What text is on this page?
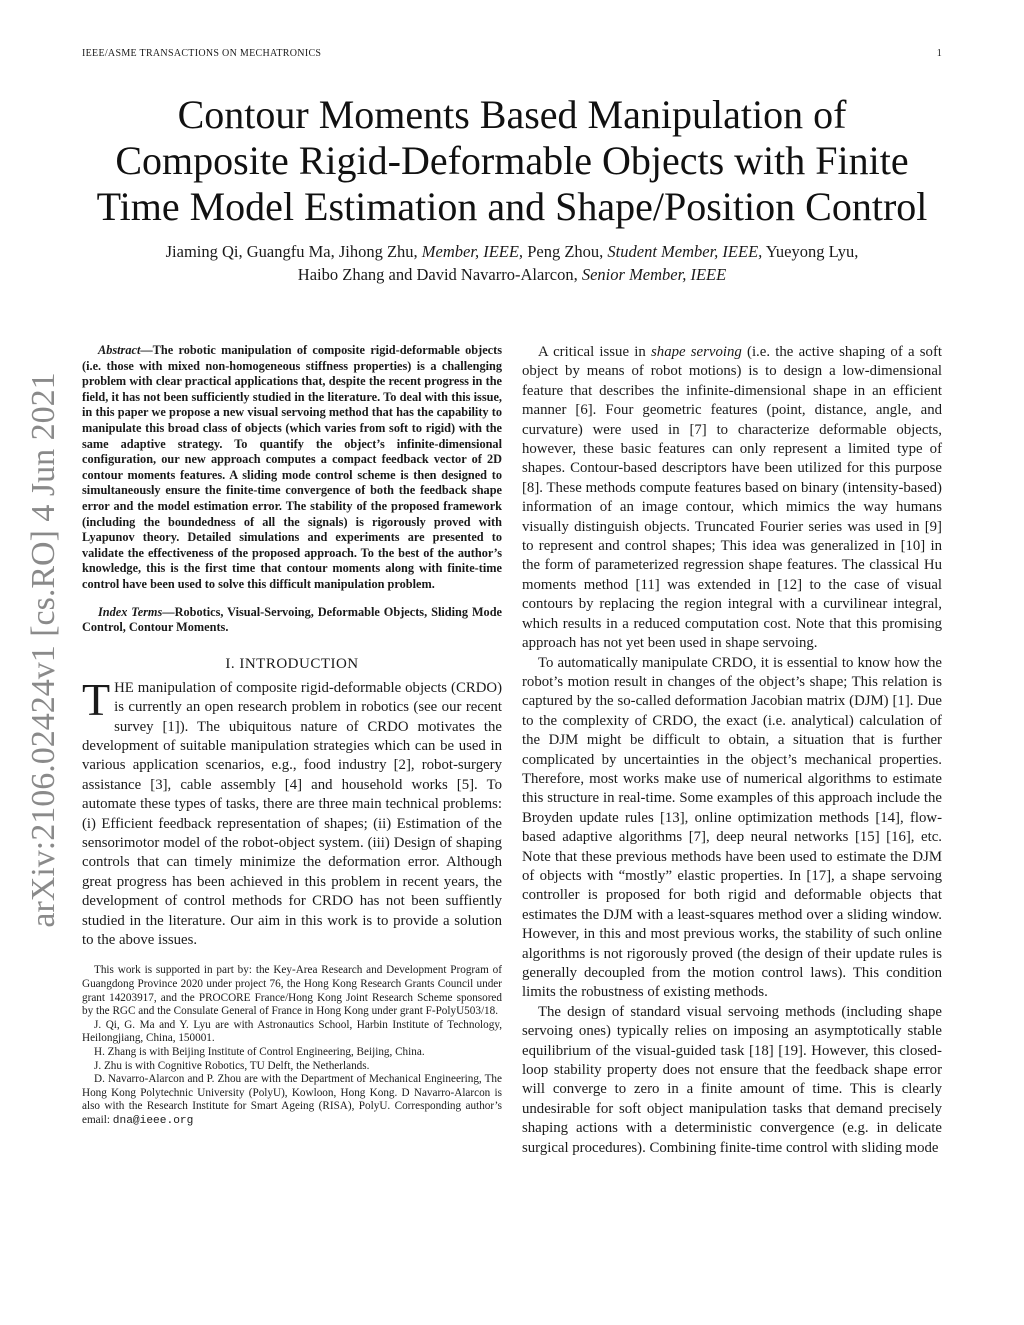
IEEE/ASME TRANSACTIONS ON MECHATRONICS	1
arXiv:2106.02424v1 [cs.RO] 4 Jun 2021
Contour Moments Based Manipulation of
Composite Rigid-Deformable Objects with Finite
Time Model Estimation and Shape/Position Control
Jiaming Qi, Guangfu Ma, Jihong Zhu, Member, IEEE, Peng Zhou, Student Member, IEEE, Yueyong Lyu,
Haibo Zhang and David Navarro-Alarcon, Senior Member, IEEE

Abstract—The robotic manipulation of composite rigid-deformable objects (i.e. those with mixed non-homogeneous stiffness properties) is a challenging problem with clear practical applications that, despite the recent progress in the field, it has not been sufficiently studied in the literature. To deal with this issue, in this paper we propose a new visual servoing method that has the capability to manipulate this broad class of objects (which varies from soft to rigid) with the same adaptive strategy. To quantify the object’s infinite-dimensional configuration, our new approach computes a compact feedback vector of 2D contour moments features. A sliding mode control scheme is then designed to simultaneously ensure the finite-time convergence of both the feedback shape error and the model estimation error. The stability of the proposed framework (including the boundedness of all the signals) is rigorously proved with Lyapunov theory. Detailed simulations and experiments are presented to validate the effectiveness of the proposed approach. To the best of the author’s knowledge, this is the first time that contour moments along with finite-time control have been used to solve this difficult manipulation problem.

Index Terms—Robotics, Visual-Servoing, Deformable Objects, Sliding Mode Control, Contour Moments.

I. INTRODUCTION

THE manipulation of composite rigid-deformable objects (CRDO) is currently an open research problem in robotics (see our recent survey [1]). The ubiquitous nature of CRDO motivates the development of suitable manipulation strategies which can be used in various application scenarios, e.g., food industry [2], robot-surgery assistance [3], cable assembly [4] and household works [5]. To automate these types of tasks, there are three main technical problems: (i) Efficient feedback representation of shapes; (ii) Estimation of the sensorimotor model of the robot-object system. (iii) Design of shaping controls that can timely minimize the deformation error. Although great progress has been achieved in this problem in recent years, the development of control methods for CRDO has not been suffiently studied in the literature. Our aim in this work is to provide a solution to the above issues.

This work is supported in part by: the Key-Area Research and Development Program of Guangdong Province 2020 under project 76, the Hong Kong Research Grants Council under grant 14203917, and the PROCORE France/Hong Kong Joint Research Scheme sponsored by the RGC and the Consulate General of France in Hong Kong under grant F-PolyU503/18.

J. Qi, G. Ma and Y. Lyu are with Astronautics School, Harbin Institute of Technology, Heilongjiang, China, 150001.

H. Zhang is with Beijing Institute of Control Engineering, Beijing, China.

J. Zhu is with Cognitive Robotics, TU Delft, the Netherlands.

D. Navarro-Alarcon and P. Zhou are with the Department of Mechanical Engineering, The Hong Kong Polytechnic University (PolyU), Kowloon, Hong Kong. D Navarro-Alarcon is also with the Research Institute for Smart Ageing (RISA), PolyU. Corresponding author’s email: dna@ieee.org

A critical issue in shape servoing (i.e. the active shaping of a soft object by means of robot motions) is to design a low-dimensional feature that describes the infinite-dimensional shape in an efficient manner [6]. Four geometric features (point, distance, angle, and curvature) were used in [7] to characterize deformable objects, however, these basic features can only represent a limited type of shapes. Contour-based descriptors have been utilized for this purpose [8]. These methods compute features based on binary (intensity-based) information of an image contour, which mimics the way humans visually distinguish objects. Truncated Fourier series was used in [9] to represent and control shapes; This idea was generalized in [10] in the form of parameterized regression shape features. The classical Hu moments method [11] was extended in [12] to the case of visual contours by replacing the region integral with a curvilinear integral, which results in a reduced computation cost. Note that this promising approach has not yet been used in shape servoing.

To automatically manipulate CRDO, it is essential to know how the robot’s motion result in changes of the object’s shape; This relation is captured by the so-called deformation Jacobian matrix (DJM) [1]. Due to the complexity of CRDO, the exact (i.e. analytical) calculation of the DJM might be difficult to obtain, a situation that is further complicated by uncertainties in the object’s mechanical properties. Therefore, most works make use of numerical algorithms to estimate this structure in real-time. Some examples of this approach include the Broyden update rules [13], online optimization methods [14], flow-based adaptive algorithms [7], deep neural networks [15] [16], etc. Note that these previous methods have been used to estimate the DJM of objects with “mostly” elastic properties. In [17], a shape servoing controller is proposed for both rigid and deformable objects that estimates the DJM with a least-squares method over a sliding window. However, in this and most previous works, the stability of such online algorithms is not rigorously proved (the design of their update rules is generally decoupled from the motion control laws). This condition limits the robustness of existing methods.

The design of standard visual servoing methods (including shape servoing ones) typically relies on imposing an asymptotically stable equilibrium of the visual-guided task [18] [19]. However, this closed-loop stability property does not ensure that the feedback shape error will converge to zero in a finite amount of time. This is clearly undesirable for soft object manipulation tasks that demand precisely shaping actions with a deterministic convergence (e.g. in delicate surgical procedures). Combining finite-time control with sliding mode
